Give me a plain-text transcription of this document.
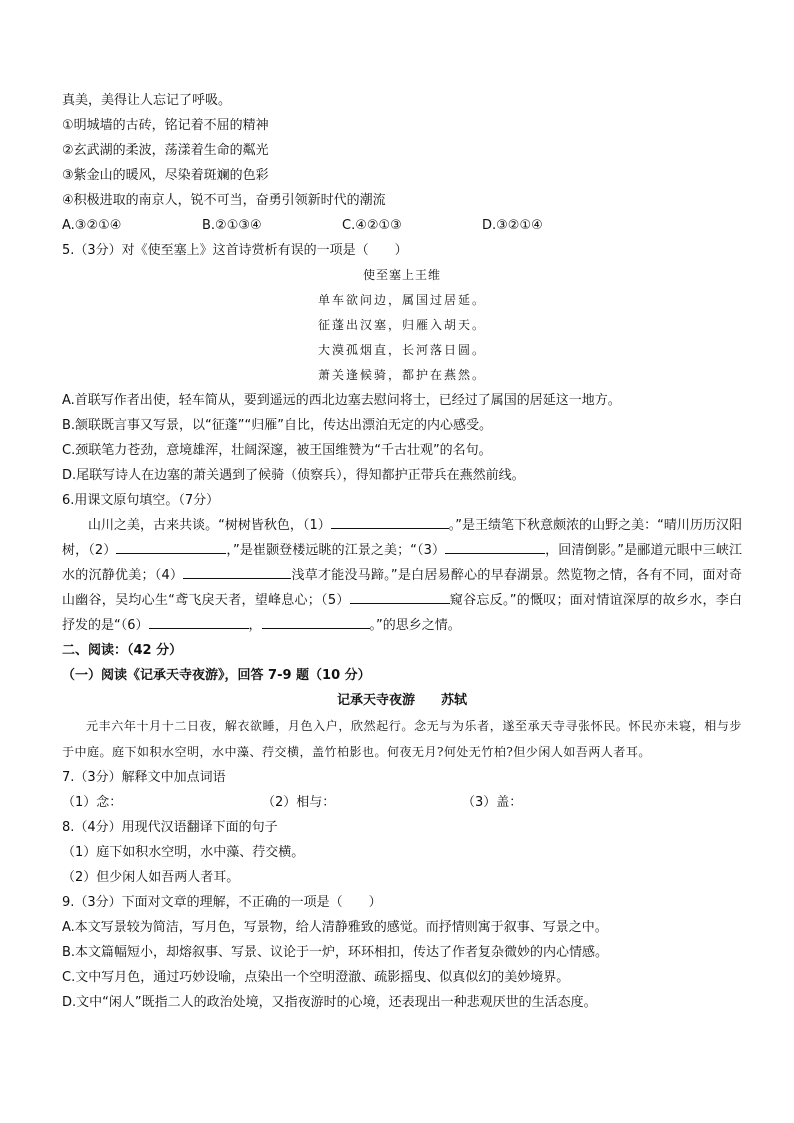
真美，美得让人忘记了呼吸。
①明城墙的古砖，铭记着不屈的精神
②玄武湖的柔波，荡漾着生命的粼光
③紫金山的暖风，尽染着斑斓的色彩
④积极进取的南京人，锐不可当，奋勇引领新时代的潮流
A.③②①④	B.②①③④	C.④②①③	D.③②①④
5.（3分）对《使至塞上》这首诗赏析有误的一项是（　　）
使至塞上王维
单车欲问边，属国过居延。
征蓬出汉塞，归雁入胡天。
大漠孤烟直，长河落日圆。
萧关逢候骑，都护在燕然。
A.首联写作者出使，轻车简从，要到遥远的西北边塞去慰问将士，已经过了属国的居延这一地方。
B.颔联既言事又写景，以“征蓬”“归雁”自比，传达出漂泊无定的内心感受。
C.颈联笔力苍劲，意境雄浑，壮阔深邃，被王国维赞为“千古壮观”的名句。
D.尾联写诗人在边塞的萧关遇到了候骑（侦察兵），得知都护正带兵在燕然前线。
6.用课文原句填空。（7分）
山川之美，古来共谈。“树树皆秋色，（1）	。”是王绩笔下秋意颇浓的山野之美：“晴川历历汉阳树，（2）	，”是崔颢登楼远眺的江景之美；“（3）	，回清倒影。”是郦道元眼中三峡江水的沉静优美；（4）	浅草才能没马蹄。”是白居易醉心的早春湖景。然览物之情，各有不同，面对奇山幽谷，吴均心生“鸢飞戾天者，望峰息心；（5）	窥谷忘反。”的慨叹；面对情谊深厚的故乡水，李白抒发的是“（6）	，	。”的思乡之情。
二、阅读：（42 分）
（一）阅读《记承天寺夜游》，回答 7-9 题（10 分）
记承天寺夜游　　苏轼
元丰六年十月十二日夜，解衣欲睡，月色入户，欣然起行。念无与为乐者，遂至承天寺寻张怀民。怀民亦未寝，相与步于中庭。庭下如积水空明，水中藻、荇交横，盖竹柏影也。何夜无月?何处无竹柏?但少闲人如吾两人者耳。
7.（3分）解释文中加点词语
（1）念：	（2）相与：	（3）盖：
8.（4分）用现代汉语翻译下面的句子
（1）庭下如积水空明，水中藻、荇交横。
（2）但少闲人如吾两人者耳。
9.（3分）下面对文章的理解，不正确的一项是（　　）
A.本文写景较为简洁，写月色，写景物，给人清静雅致的感觉。而抒情则寓于叙事、写景之中。
B.本文篇幅短小，却熔叙事、写景、议论于一炉，环环相扣，传达了作者复杂微妙的内心情感。
C.文中写月色，通过巧妙设喻，点染出一个空明澄澈、疏影摇曳、似真似幻的美妙境界。
D.文中“闲人”既指二人的政治处境，又指夜游时的心境，还表现出一种悲观厌世的生活态度。
